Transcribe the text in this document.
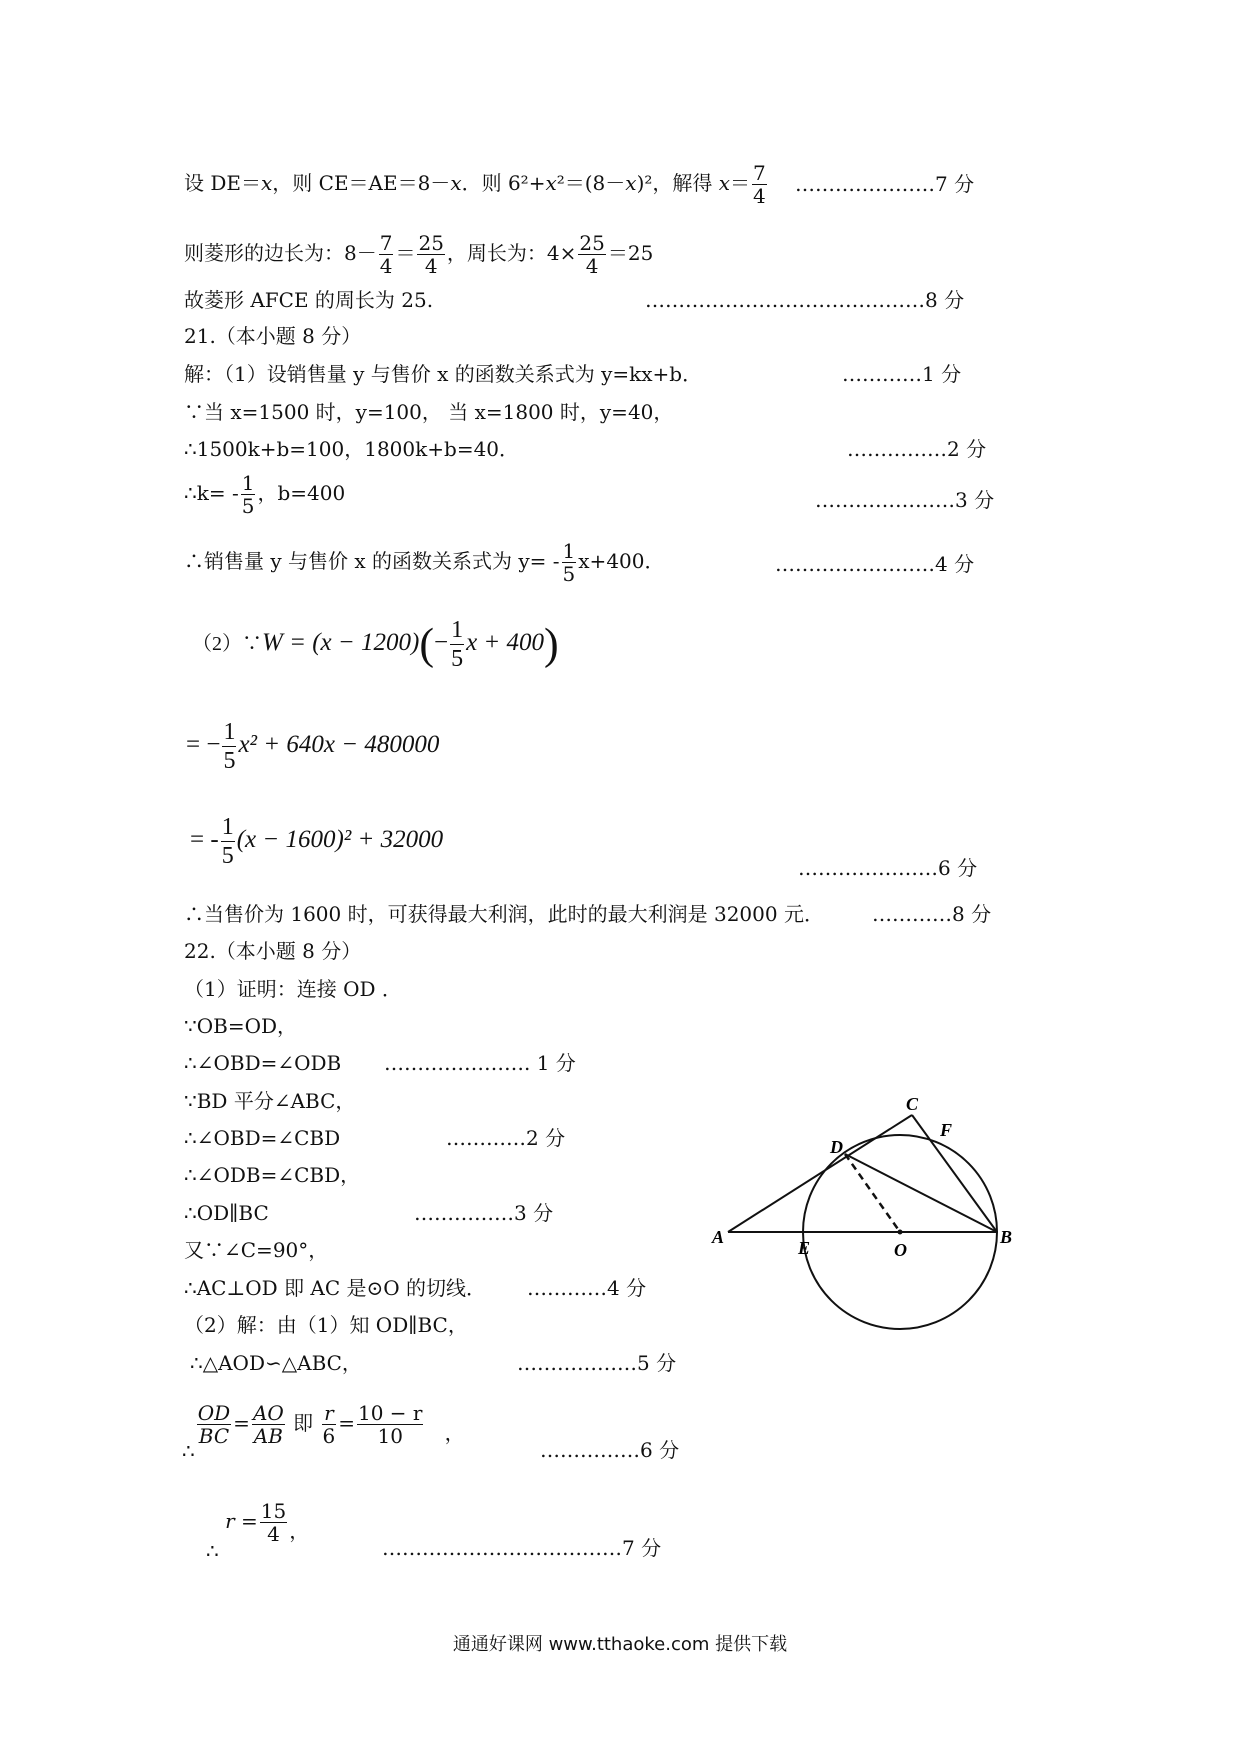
设 DE＝x，则 CE＝AE＝8－x．则 6²+x²＝(8－x)²，解得 $x= \frac{7}{4}$ …………………7 分
则菱形的边长为：$8- \frac{7}{4} = \frac{25}{4}$ ，周长为：$4\times \frac{25}{4} =25$
故菱形 AFCE 的周长为 25.	……………………………………8 分
21.（本小题 8 分）
解：（1）设销售量 y 与售价 x 的函数关系式为 y=kx+b．	…………1 分
∵当 x=1500 时，y=100， 当 x=1800 时，y=40，
∴1500k+b=100，1800k+b=40．	……………2 分
∴k= - $\frac{1}{5}$ ，b=400	…………………3 分
∴销售量 y 与售价 x 的函数关系式为 $y= - \frac{1}{5} x+400$．	……………………4 分
（2）∵W = $(x - 1200)(- \frac{1}{5}$ x + 400)
= − $\frac{1}{5} x^2 + 640x - 480000$
= - $\frac{1}{5} (x - 1600)^2 + 32000$
…………………6 分
∴当售价为 1600 时，可获得最大利润，此时的最大利润是 32000 元． …………8 分
22.（本小题 8 分）
（1）证明：连接 OD ．
∵OB=OD，
∴∠OBD=∠ODB …………………. 1 分
∵BD 平分∠ABC，
∴∠OBD=∠CBD	…………2 分
∴∠ODB=∠CBD，
∴OD∥BC	……………3 分
又∵∠C=90°，
∴AC⊥OD 即 AC 是⊙O 的切线． …………4 分
（2）解：由（1）知 OD∥BC，
∴△AOD∽△ABC，	………………5 分
∴
$\frac{OD}{BC} = \frac{AO}{AB}$ 即 $\frac{r}{6} = \frac{10 - r}{10}$ ，
……………6 分
∴ $r = \frac{15}{4}$ ，
………………………………7 分
A	B
C
D
E
F
O
通通好课网 www.tthaoke.com 提供下载
